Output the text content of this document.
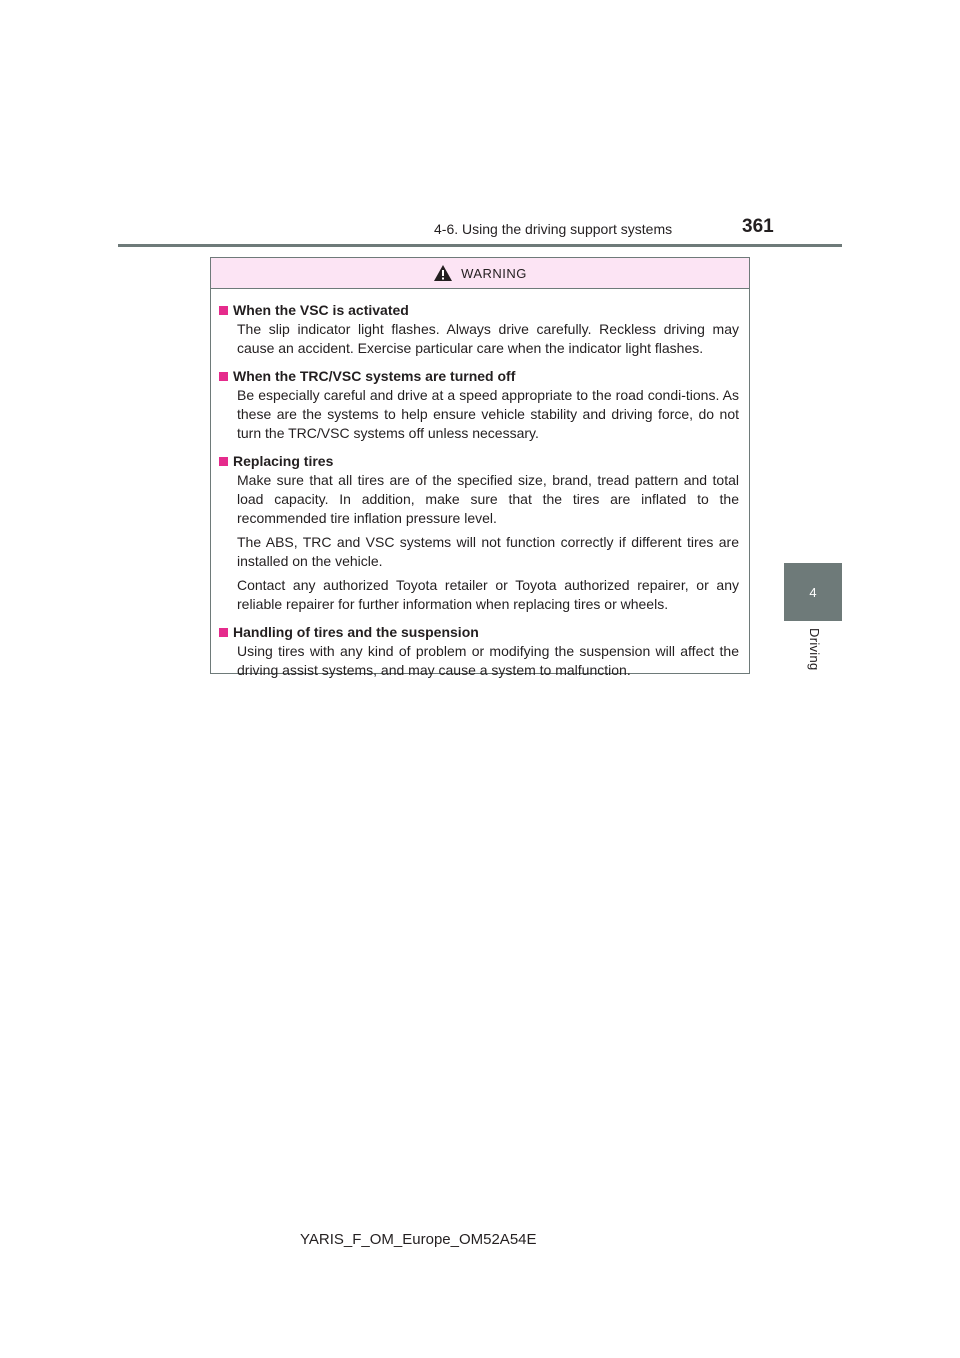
4-6. Using the driving support systems	361
4
Driving
WARNING
When the VSC is activated

The slip indicator light flashes. Always drive carefully. Reckless driving may cause an accident. Exercise particular care when the indicator light flashes.

When the TRC/VSC systems are turned off

Be especially careful and drive at a speed appropriate to the road condi-tions. As these are the systems to help ensure vehicle stability and driving force, do not turn the TRC/VSC systems off unless necessary.

Replacing tires

Make sure that all tires are of the specified size, brand, tread pattern and total load capacity. In addition, make sure that the tires are inflated to the recommended tire inflation pressure level.

The ABS, TRC and VSC systems will not function correctly if different tires are installed on the vehicle.

Contact any authorized Toyota retailer or Toyota authorized repairer, or any reliable repairer for further information when replacing tires or wheels.

Handling of tires and the suspension

Using tires with any kind of problem or modifying the suspension will affect the driving assist systems, and may cause a system to malfunction.

YARIS_F_OM_Europe_OM52A54E
